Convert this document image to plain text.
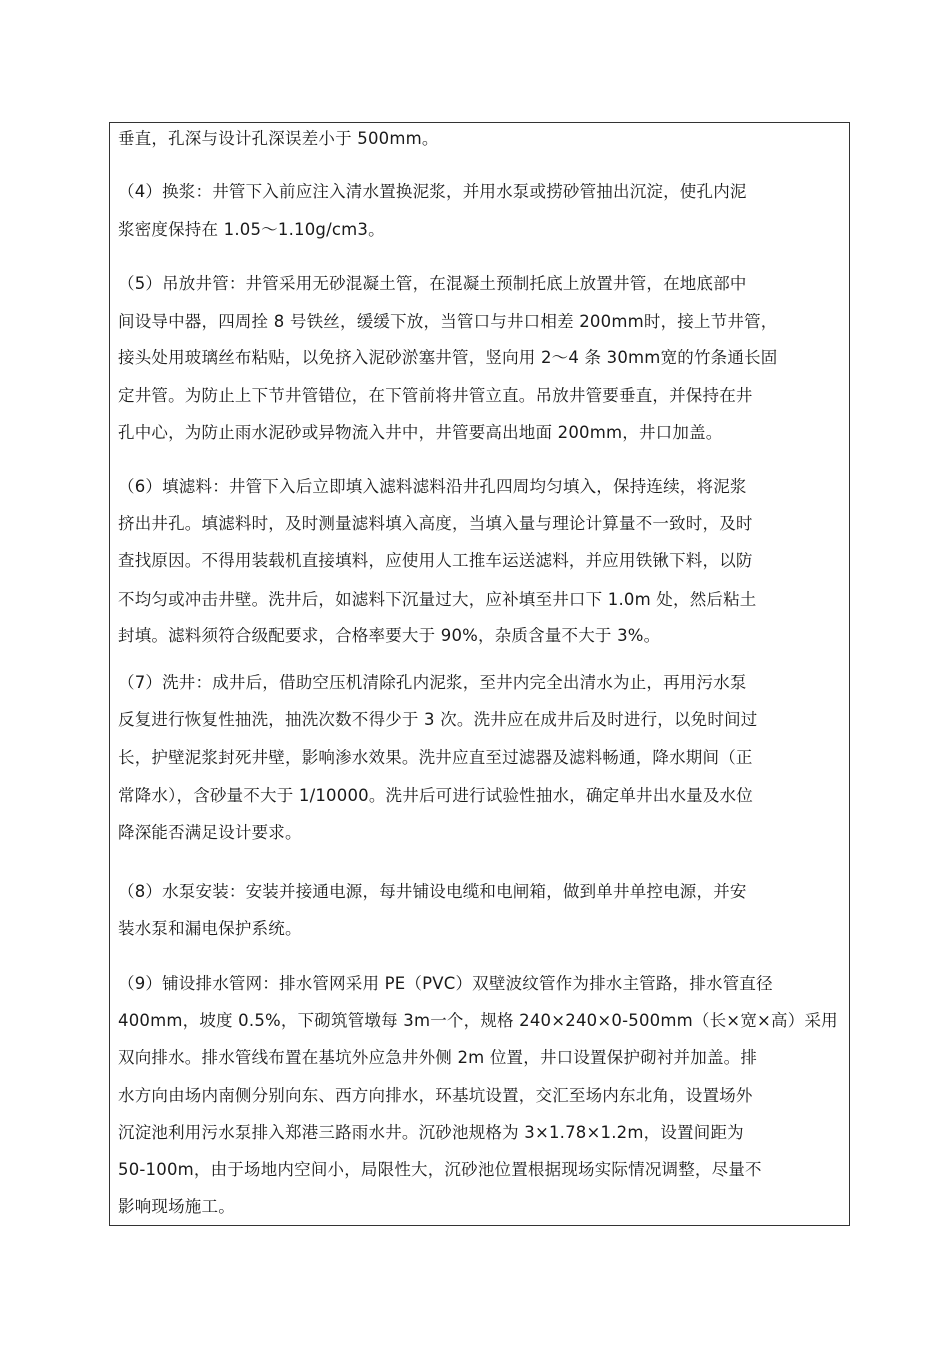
垂直，孔深与设计孔深误差小于 500mm。
（4）换浆：井管下入前应注入清水置换泥浆，并用水泵或捞砂管抽出沉淀，使孔内泥
浆密度保持在 1.05～1.10g/cm3。
（5）吊放井管：井管采用无砂混凝土管，在混凝土预制托底上放置井管，在地底部中
间设导中器，四周拴 8 号铁丝，缓缓下放，当管口与井口相差 200mm时，接上节井管，
接头处用玻璃丝布粘贴，以免挤入泥砂淤塞井管，竖向用 2～4 条 30mm宽的竹条通长固
定井管。为防止上下节井管错位，在下管前将井管立直。吊放井管要垂直，并保持在井
孔中心，为防止雨水泥砂或异物流入井中，井管要高出地面 200mm，井口加盖。
（6）填滤料：井管下入后立即填入滤料滤料沿井孔四周均匀填入，保持连续，将泥浆
挤出井孔。填滤料时，及时测量滤料填入高度，当填入量与理论计算量不一致时，及时
查找原因。不得用装载机直接填料，应使用人工推车运送滤料，并应用铁锹下料，以防
不均匀或冲击井壁。洗井后，如滤料下沉量过大，应补填至井口下 1.0m 处，然后粘土
封填。滤料须符合级配要求，合格率要大于 90%，杂质含量不大于 3%。
（7）洗井：成井后，借助空压机清除孔内泥浆，至井内完全出清水为止，再用污水泵
反复进行恢复性抽洗，抽洗次数不得少于 3 次。洗井应在成井后及时进行，以免时间过
长，护壁泥浆封死井壁，影响渗水效果。洗井应直至过滤器及滤料畅通，降水期间（正
常降水），含砂量不大于 1/10000。洗井后可进行试验性抽水，确定单井出水量及水位
降深能否满足设计要求。
（8）水泵安装：安装并接通电源，每井铺设电缆和电闸箱，做到单井单控电源，并安
装水泵和漏电保护系统。
（9）铺设排水管网：排水管网采用 PE（PVC）双壁波纹管作为排水主管路，排水管直径
400mm，坡度 0.5%，下砌筑管墩每 3m一个，规格 240×240×0-500mm（长×宽×高）采用
双向排水。排水管线布置在基坑外应急井外侧 2m 位置，井口设置保护砌衬并加盖。排
水方向由场内南侧分别向东、西方向排水，环基坑设置，交汇至场内东北角，设置场外
沉淀池利用污水泵排入郑港三路雨水井。沉砂池规格为 3×1.78×1.2m，设置间距为
50-100m，由于场地内空间小，局限性大，沉砂池位置根据现场实际情况调整，尽量不
影响现场施工。
